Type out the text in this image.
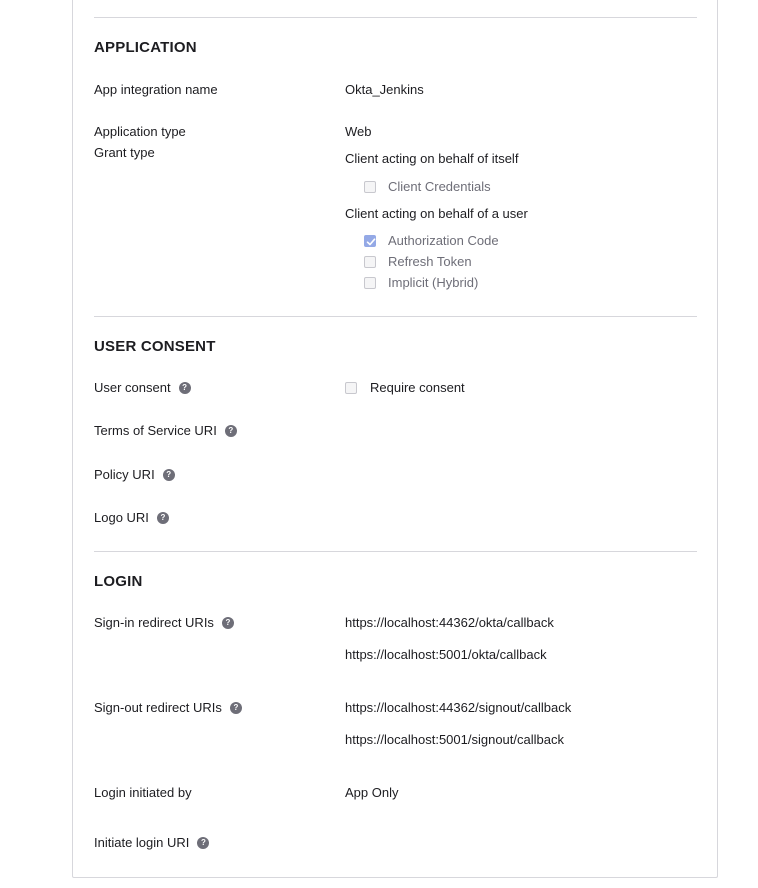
APPLICATION
App integration name	Okta_Jenkins
Application type	Web
Grant type	Client acting on behalf of itself
Client Credentials
Client acting on behalf of a user
Authorization Code
Refresh Token
Implicit (Hybrid)
USER CONSENT
User consent ?	Require consent
Terms of Service URI ?
Policy URI ?
Logo URI ?
LOGIN
Sign-in redirect URIs ?	https://localhost:44362/okta/callback
https://localhost:5001/okta/callback
Sign-out redirect URIs ?	https://localhost:44362/signout/callback
https://localhost:5001/signout/callback
Login initiated by	App Only
Initiate login URI ?
